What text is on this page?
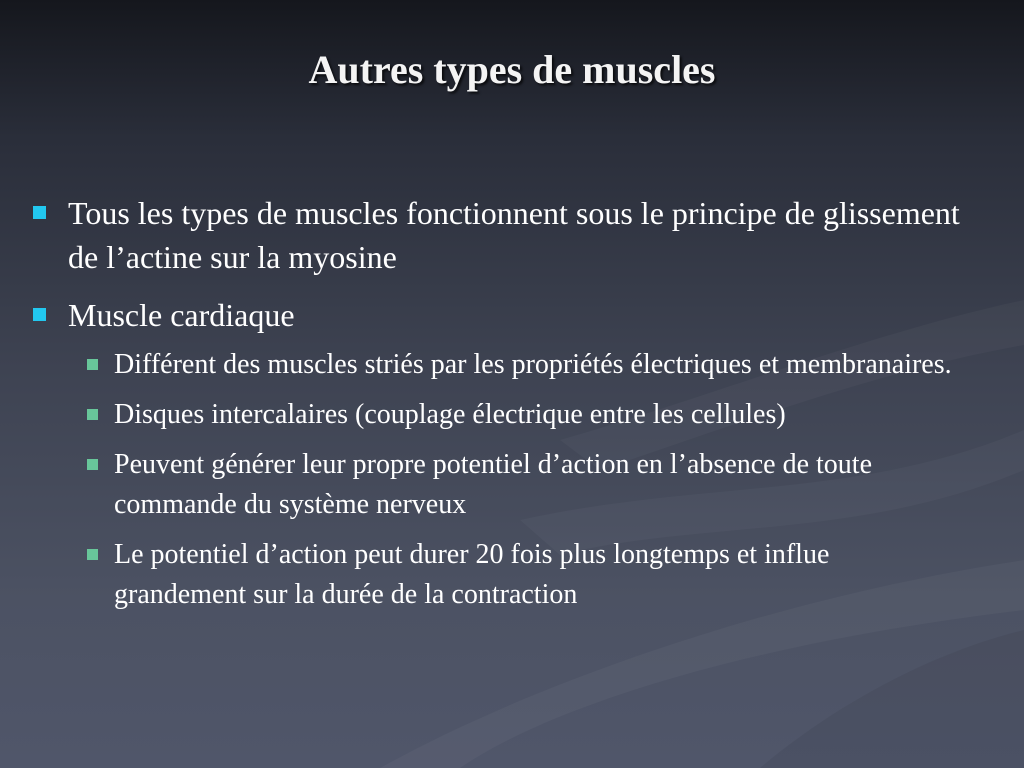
Autres types de muscles

Tous les types de muscles fonctionnent sous le principe de glissement de l’actine sur la myosine

Muscle cardiaque

Différent des muscles striés par les propriétés électriques et membranaires.

Disques intercalaires (couplage électrique entre les cellules)

Peuvent générer leur propre potentiel d’action en l’absence de toute commande du système nerveux

Le potentiel d’action peut durer 20 fois plus longtemps et influe grandement sur la durée de la contraction
